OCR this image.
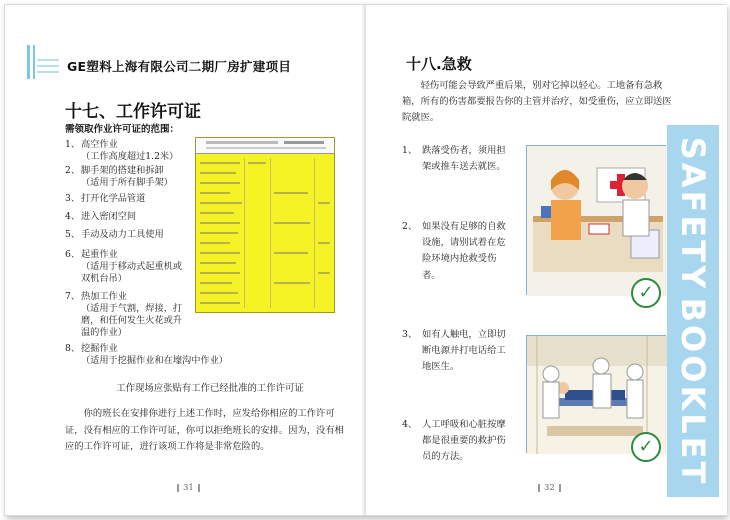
GE塑料上海有限公司二期厂房扩建项目
十七、工作许可证
需领取作业许可证的范围：
1、高空作业
（工作高度超过1.2米）
2、脚手架的搭建和拆卸
（适用于所有脚手架）
3、打开化学品管道
4、进入密闭空间
5、手动及动力工具使用
6、起重作业
（适用于移动式起重机或双机台吊）
7、热加工作业
（适用于气割，焊接，打磨，和任何发生火花或升温的作业）
8、挖掘作业
（适用于挖掘作业和在壕沟中作业）
工作现场应张贴有工作已经批准的工作许可证

你的班长在安排你进行上述工作时，应发给你相应的工作许可证，没有相应的工作许可证，你可以拒绝班长的安排。因为，没有相应的工作许可证，进行该项工作将是非常危险的。

31
十八.急救

轻伤可能会导致严重后果，别对它掉以轻心。工地备有急救箱，所有的伤害都要报告你的主管并治疗，如受重伤，应立即送医院就医。

1、 跌落受伤者，须用担架或推车送去就医。
2、 如果没有足够的自救设施，请别试着在危险环境内抢救受伤者。
3、 如有人触电，立即切断电源并打电话给工地医生。
4、 人工呼吸和心脏按摩都是很重要的救护伤员的方法。
✓
✓
SAFETY
BOOKLET
32
